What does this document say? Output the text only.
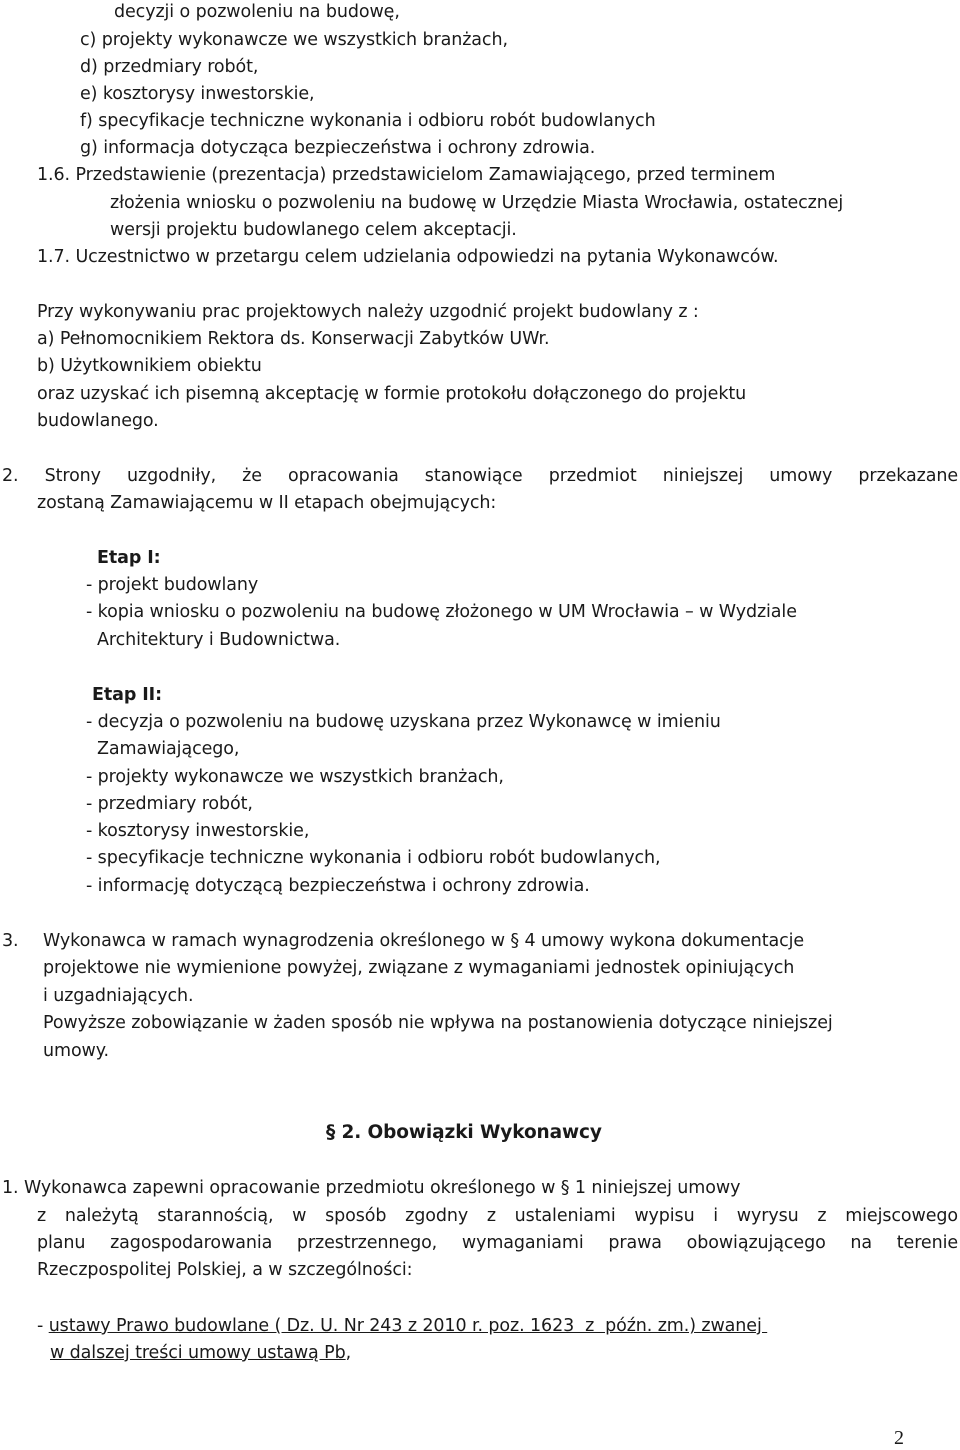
decyzji o pozwoleniu na budowę,
c) projekty wykonawcze we wszystkich branżach,
d) przedmiary robót,
e) kosztorysy inwestorskie,
f) specyfikacje techniczne wykonania i odbioru robót budowlanych
g) informacja dotycząca bezpieczeństwa i ochrony zdrowia.
1.6. Przedstawienie (prezentacja) przedstawicielom Zamawiającego, przed terminem
złożenia wniosku o pozwoleniu na budowę w Urzędzie Miasta Wrocławia, ostatecznej
wersji projektu budowlanego celem akceptacji.
1.7. Uczestnictwo w przetargu celem udzielania odpowiedzi na pytania Wykonawców.
Przy wykonywaniu prac projektowych należy uzgodnić projekt budowlany z :
a) Pełnomocnikiem Rektora ds. Konserwacji Zabytków UWr.
b) Użytkownikiem obiektu
oraz uzyskać ich pisemną akceptację w formie protokołu dołączonego do projektu
budowlanego.
2. Strony uzgodniły, że opracowania stanowiące przedmiot niniejszej umowy przekazane
zostaną Zamawiającemu w II etapach obejmujących:
Etap I:
- projekt budowlany
- kopia wniosku o pozwoleniu na budowę złożonego w UM Wrocławia – w Wydziale
Architektury i Budownictwa.
Etap II:
- decyzja o pozwoleniu na budowę uzyskana przez Wykonawcę w imieniu
Zamawiającego,
- projekty wykonawcze we wszystkich branżach,
- przedmiary robót,
- kosztorysy inwestorskie,
- specyfikacje techniczne wykonania i odbioru robót budowlanych,
- informację dotyczącą bezpieczeństwa i ochrony zdrowia.
3. Wykonawca w ramach wynagrodzenia określonego w § 4 umowy wykona dokumentacje
projektowe nie wymienione powyżej, związane z wymaganiami jednostek opiniujących
i uzgadniających.
Powyższe zobowiązanie w żaden sposób nie wpływa na postanowienia dotyczące niniejszej
umowy.
§ 2. Obowiązki Wykonawcy
1. Wykonawca zapewni opracowanie przedmiotu określonego w § 1 niniejszej umowy
z należytą starannością, w sposób zgodny z ustaleniami wypisu i wyrysu z miejscowego
planu zagospodarowania przestrzennego, wymaganiami prawa obowiązującego na terenie
Rzeczpospolitej Polskiej, a w szczególności:
- ustawy Prawo budowlane ( Dz. U. Nr 243 z 2010 r. poz. 1623  z  późn. zm.) zwanej
w dalszej treści umowy ustawą Pb,
2
